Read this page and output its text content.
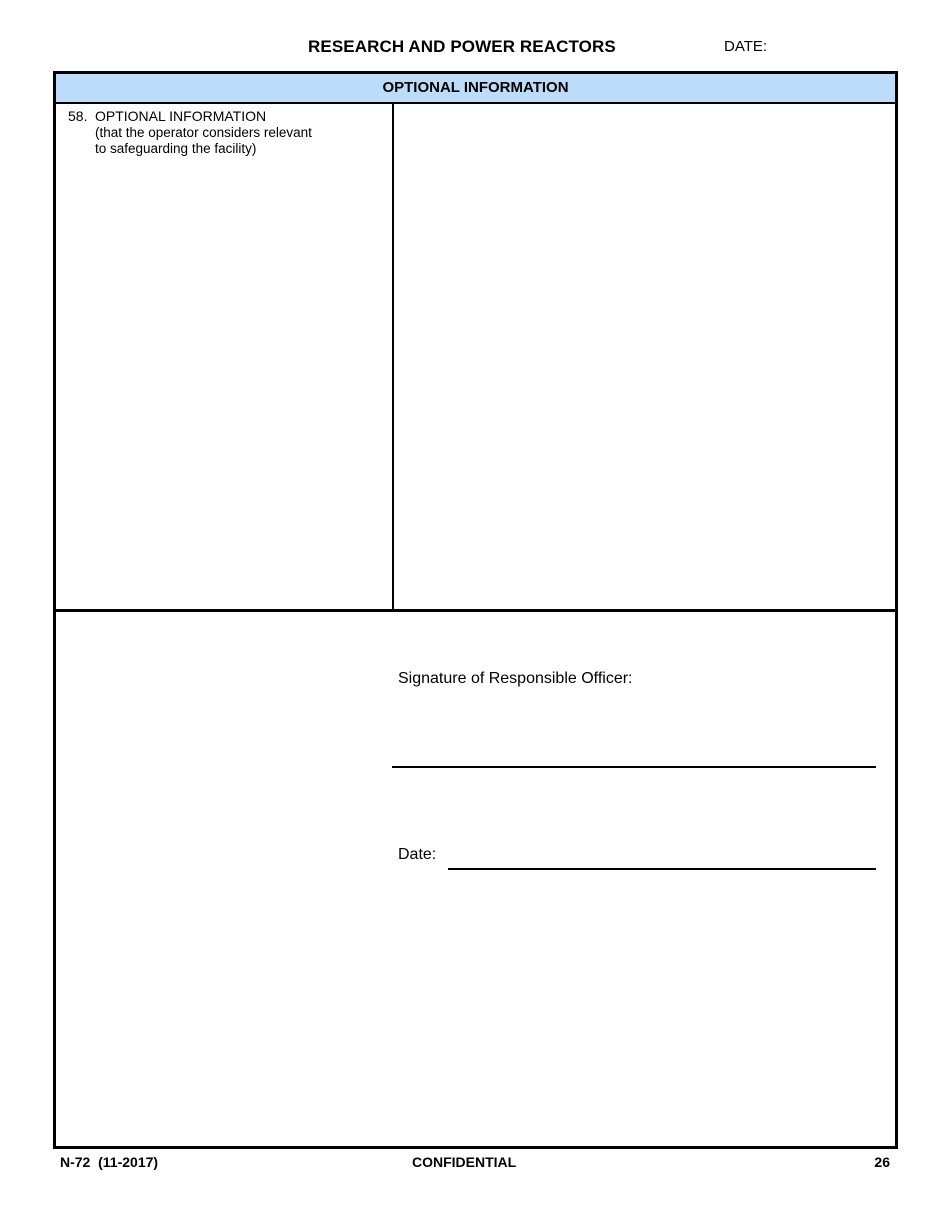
RESEARCH AND POWER REACTORS	DATE:
OPTIONAL INFORMATION
58. OPTIONAL INFORMATION
(that the operator considers relevant
to safeguarding the facility)
Signature of Responsible Officer:
Date:
N-72  (11-2017)	CONFIDENTIAL	26
